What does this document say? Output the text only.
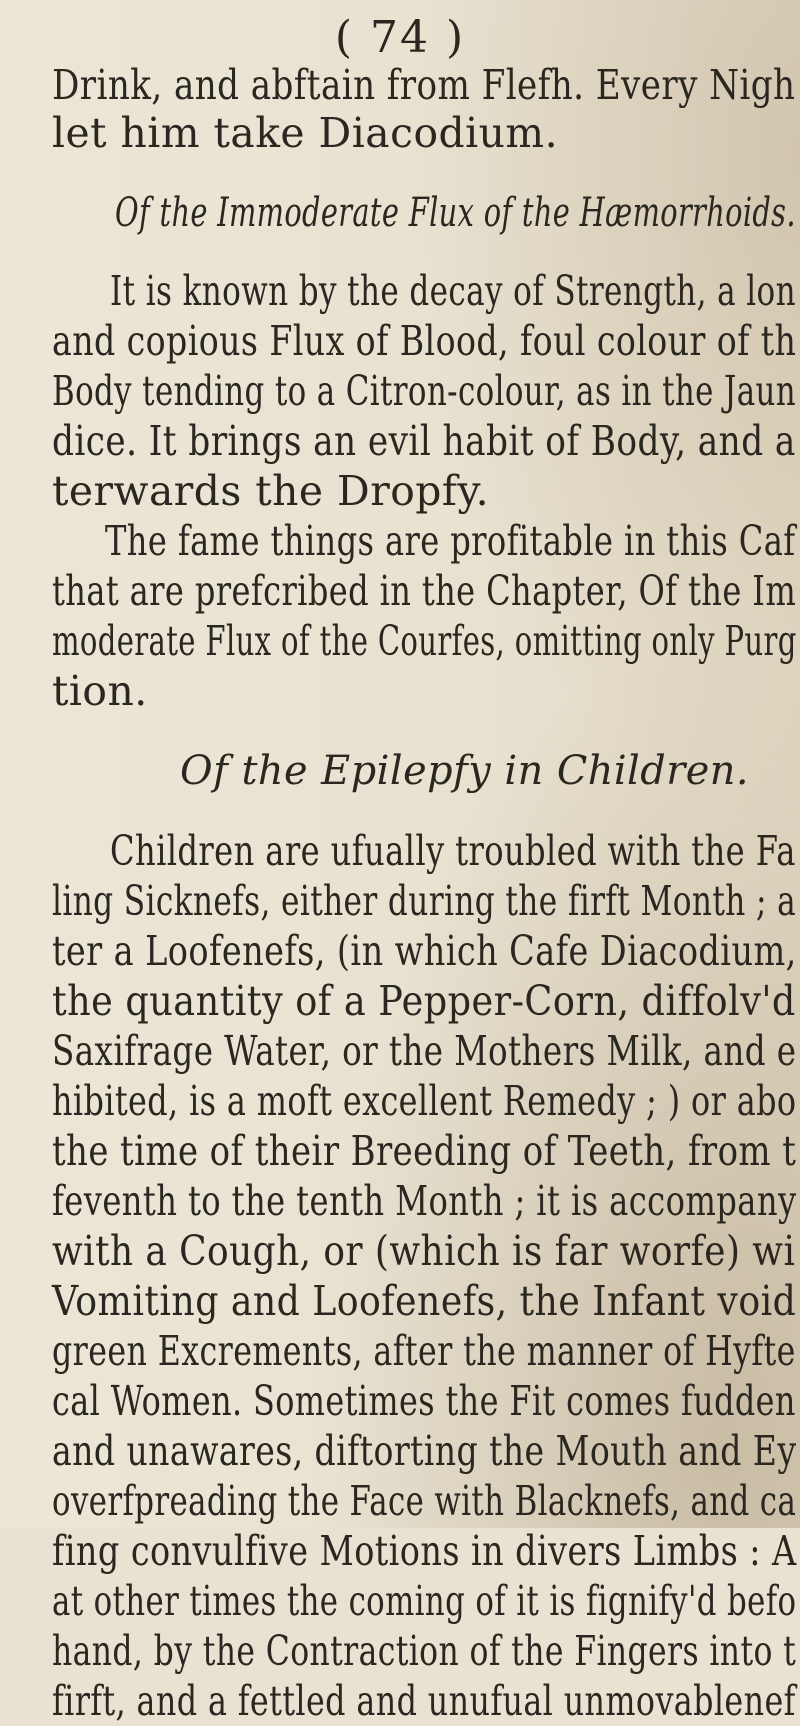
( 74 )
Drink, and abftain from Flefh. Every Nigh
let him take Diacodium.
Of the Immoderate Flux of the Hæmorrhoids.
It is known by the decay of Strength, a lon
and copious Flux of Blood, foul colour of th
Body tending to a Citron-colour, as in the Jaun
dice. It brings an evil habit of Body, and a
terwards the Dropfy.
The fame things are profitable in this Caf
that are prefcribed in the Chapter, Of the Im
moderate Flux of the Courfes, omitting only Purg
tion.
Of the Epilepfy in Children.
Children are ufually troubled with the Fa
ling Sicknefs, either during the firft Month ; a
ter a Loofenefs, (in which Cafe Diacodium,
the quantity of a Pepper-Corn, diffolv'd
Saxifrage Water, or the Mothers Milk, and e
hibited, is a moft excellent Remedy ; ) or abo
the time of their Breeding of Teeth, from t
feventh to the tenth Month ; it is accompany
with a Cough, or (which is far worfe) wi
Vomiting and Loofenefs, the Infant void
green Excrements, after the manner of Hyfte
cal Women. Sometimes the Fit comes fudden
and unawares, diftorting the Mouth and Ey
overfpreading the Face with Blacknefs, and ca
fing convulfive Motions in divers Limbs : A
at other times the coming of it is fignify'd befo
hand, by the Contraction of the Fingers into t
firft, and a fettled and unufual unmovablenef
